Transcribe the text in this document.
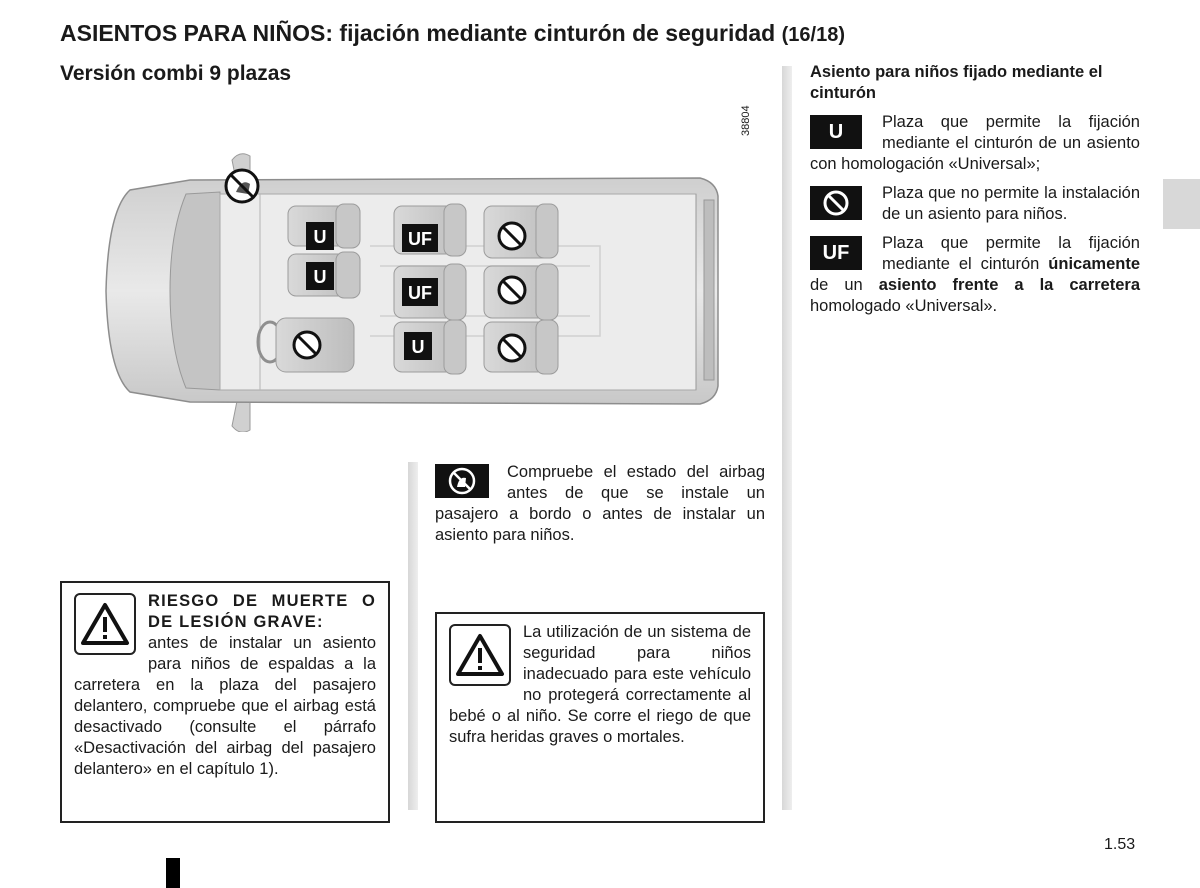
ASIENTOS PARA NIÑOS: fijación mediante cinturón de seguridad (16/18)
Versión combi 9 plazas
38804
U
U
UF
UF
U
Asiento para niños fijado mediante el cinturón
U	Plaza que permite la fijación mediante el cinturón de un asiento con homologación «Universal»;

Plaza que no permite la instalación de un asiento para niños.

UF	Plaza que permite la fijación mediante el cinturón únicamente de un asiento frente a la carretera homologado «Universal».

Compruebe el estado del airbag antes de que se instale un pasajero a bordo o antes de instalar un asiento para niños.
RIESGO DE MUERTE O DE LESIÓN GRAVE:
antes de instalar un asiento para niños de espaldas a la carretera en la plaza del pasajero delantero, compruebe que el airbag está desactivado (consulte el párrafo «Desactivación del airbag del pasajero delantero» en el capítulo 1).
La utilización de un sistema de seguridad para niños inadecuado para este vehículo no protegerá correctamente al bebé o al niño. Se corre el riego de que sufra heridas graves o mortales.
1.53
